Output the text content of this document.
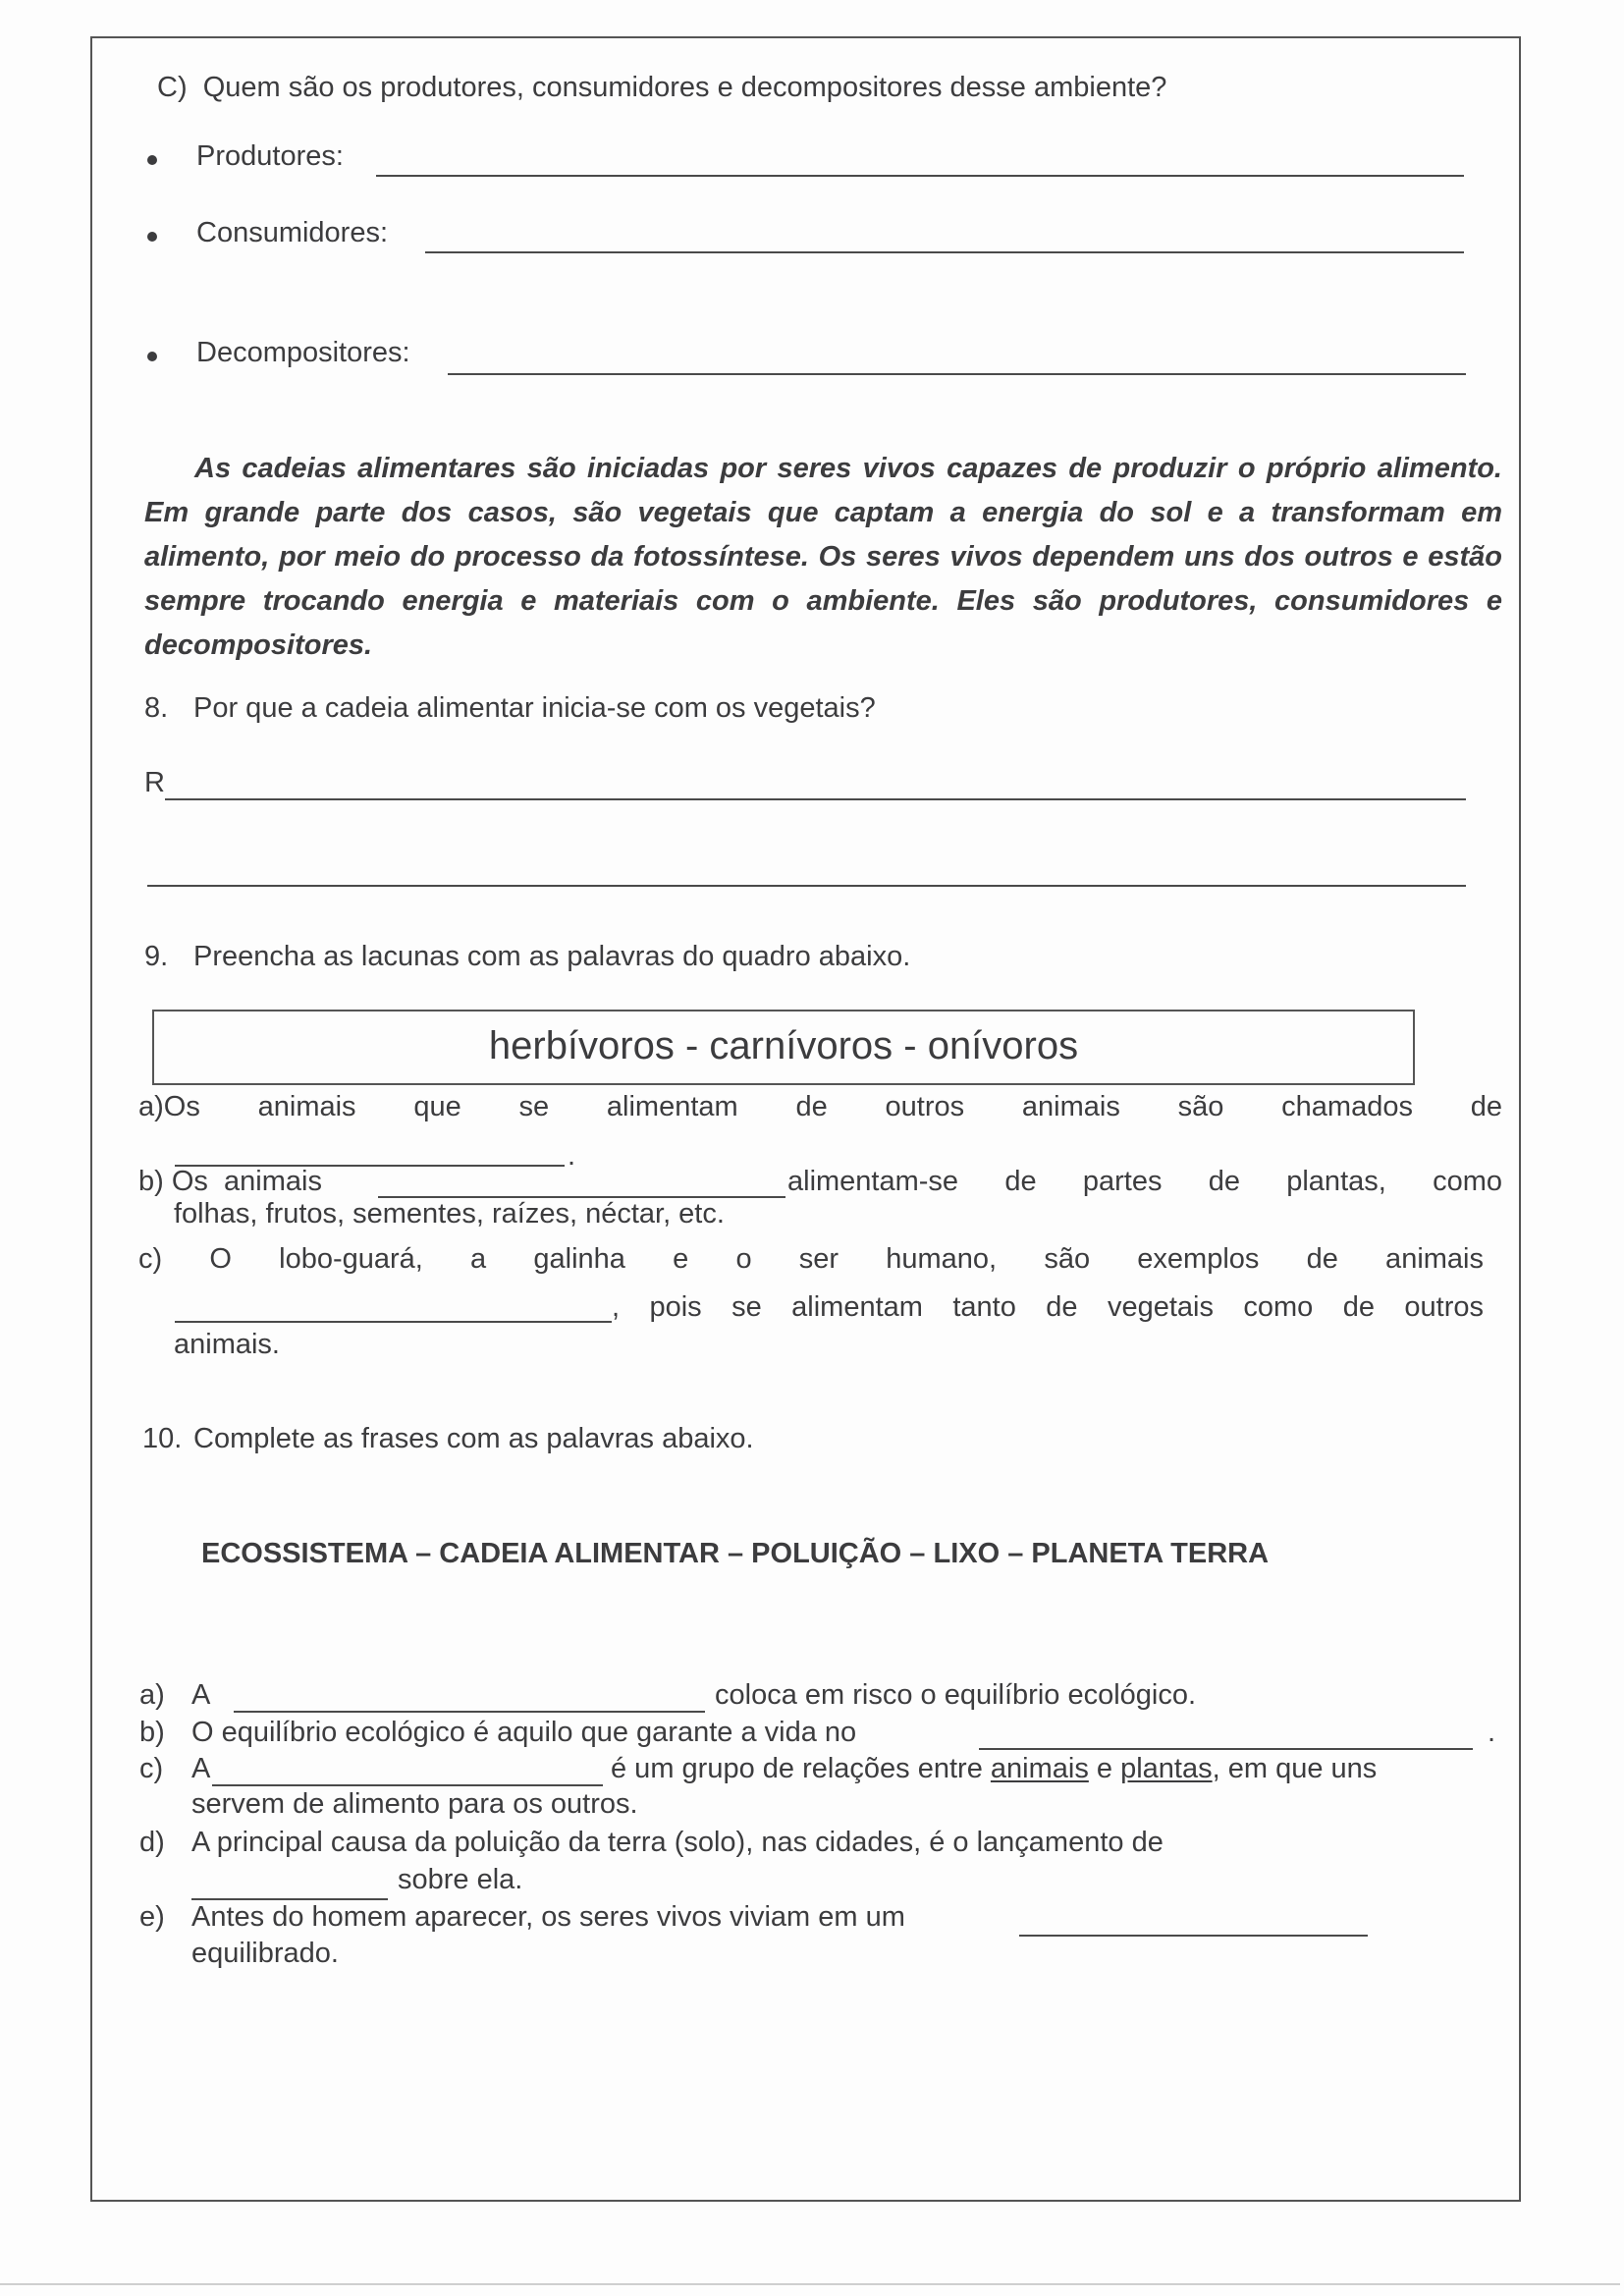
C)  Quem são os produtores, consumidores e decompositores desse ambiente?
Produtores:
Consumidores:
Decompositores:
As cadeias alimentares são iniciadas por seres vivos capazes de produzir o próprio alimento. Em grande parte dos casos, são vegetais que captam a energia do sol e a transformam em alimento, por meio do processo da fotossíntese. Os seres vivos dependem uns dos outros e estão sempre trocando energia e materiais com o ambiente. Eles são produtores, consumidores e decompositores.
8. Por que a cadeia alimentar inicia-se com os vegetais?
R
9. Preencha as lacunas com as palavras do quadro abaixo.
herbívoros - carnívoros - onívoros
a)Os animais que se alimentam de outros animais são chamados de
.
b) Os  animais	alimentam-se de partes de plantas, como
folhas, frutos, sementes, raízes, néctar, etc.
c) O lobo-guará, a galinha e o ser humano, são exemplos de animais
, pois se alimentam tanto de vegetais como de outros
animais.
10. Complete as frases com as palavras abaixo.
ECOSSISTEMA – CADEIA ALIMENTAR – POLUIÇÃO – LIXO – PLANETA TERRA
a) A	coloca em risco o equilíbrio ecológico.
b) O equilíbrio ecológico é aquilo que garante a vida no	.
c) A	é um grupo de relações entre animais e plantas, em que uns
servem de alimento para os outros.
d) A principal causa da poluição da terra (solo), nas cidades, é o lançamento de
sobre ela.
e) Antes do homem aparecer, os seres vivos viviam em um
equilibrado.
